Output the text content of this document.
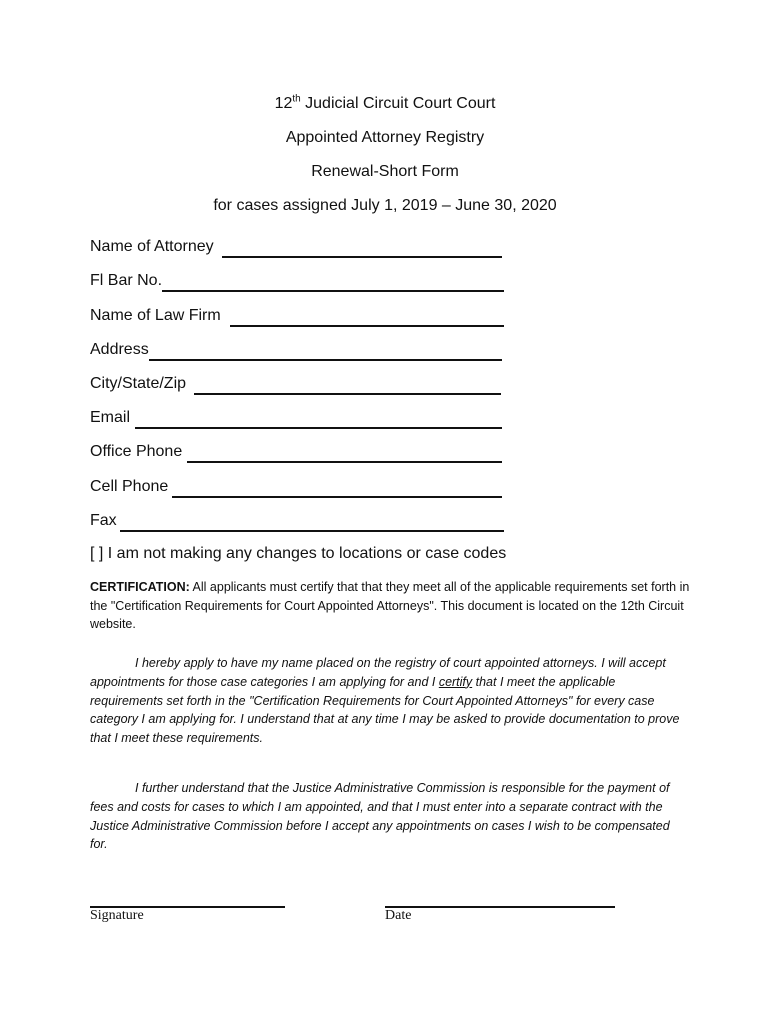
12th Judicial Circuit Court Court
Appointed Attorney Registry
Renewal-Short Form
for cases assigned July 1, 2019 – June 30, 2020
Name of Attorney
Fl Bar No.
Name of Law Firm
Address
City/State/Zip
Email
Office Phone
Cell Phone
Fax
[ ] I am not making any changes to locations or case codes
CERTIFICATION: All applicants must certify that that they meet all of the applicable requirements set forth in the "Certification Requirements for Court Appointed Attorneys". This document is located on the 12th Circuit website.
I hereby apply to have my name placed on the registry of court appointed attorneys. I will accept appointments for those case categories I am applying for and I certify that I meet the applicable requirements set forth in the "Certification Requirements for Court Appointed Attorneys" for every case category I am applying for. I understand that at any time I may be asked to provide documentation to prove that I meet these requirements.
I further understand that the Justice Administrative Commission is responsible for the payment of fees and costs for cases to which I am appointed, and that I must enter into a separate contract with the Justice Administrative Commission before I accept any appointments on cases I wish to be compensated for.
Signature	Date
